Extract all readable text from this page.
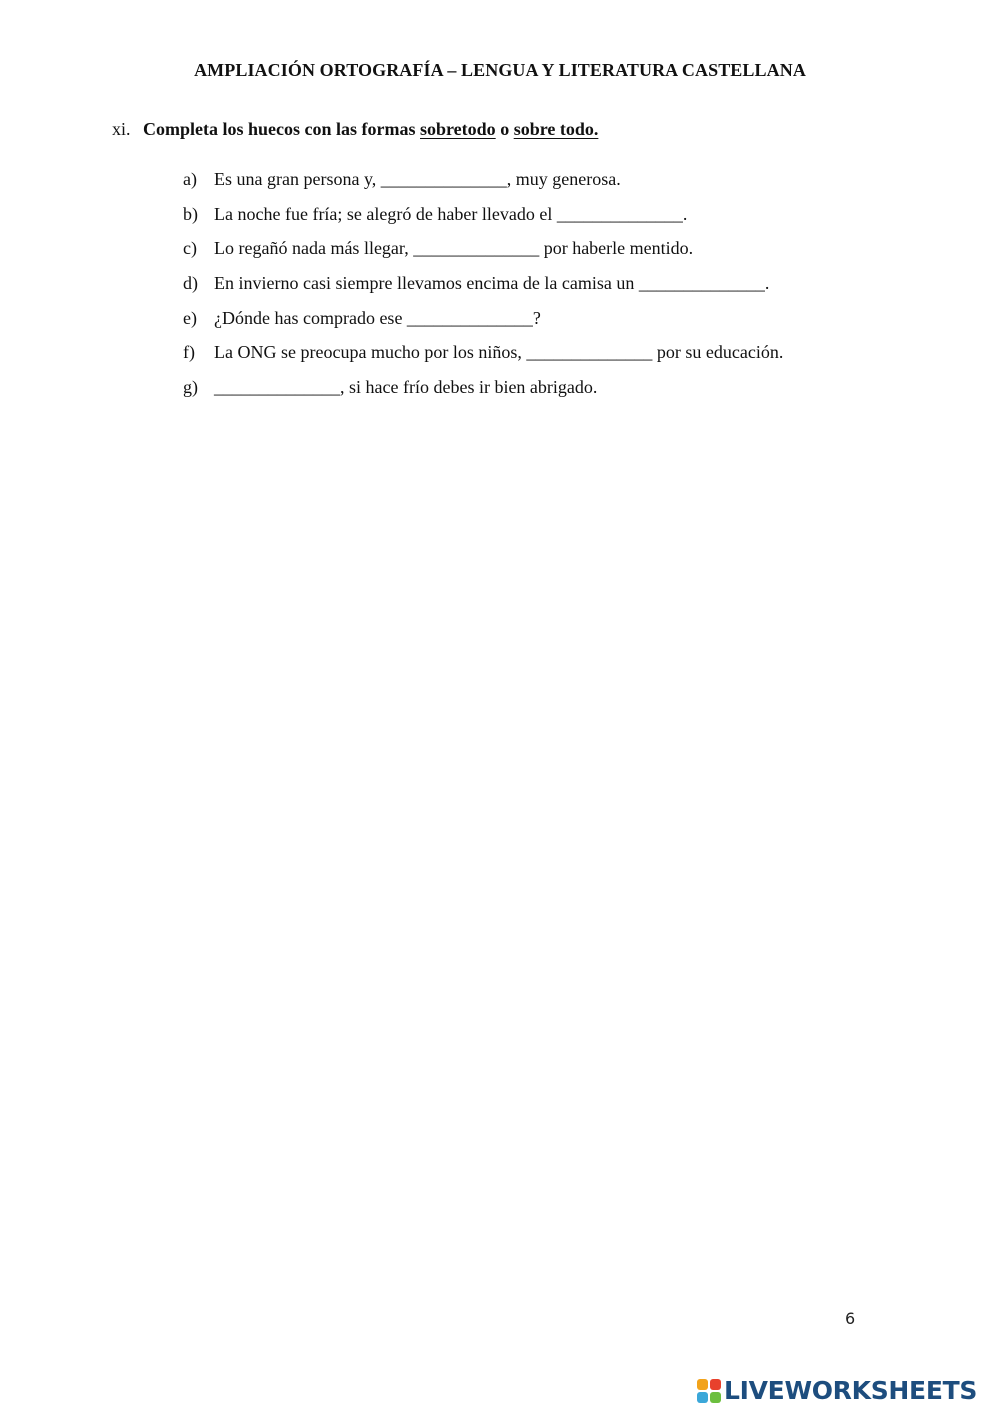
AMPLIACIÓN ORTOGRAFÍA – LENGUA Y LITERATURA CASTELLANA
xi. Completa los huecos con las formas sobretodo o sobre todo.
a) Es una gran persona y, ______________, muy generosa.
b) La noche fue fría; se alegró de haber llevado el ______________.
c) Lo regañó nada más llegar, ______________ por haberle mentido.
d) En invierno casi siempre llevamos encima de la camisa un ______________.
e) ¿Dónde has comprado ese ______________?
f) La ONG se preocupa mucho por los niños, ______________ por su educación.
g) ______________, si hace frío debes ir bien abrigado.
6
LIVEWORKSHEETS
